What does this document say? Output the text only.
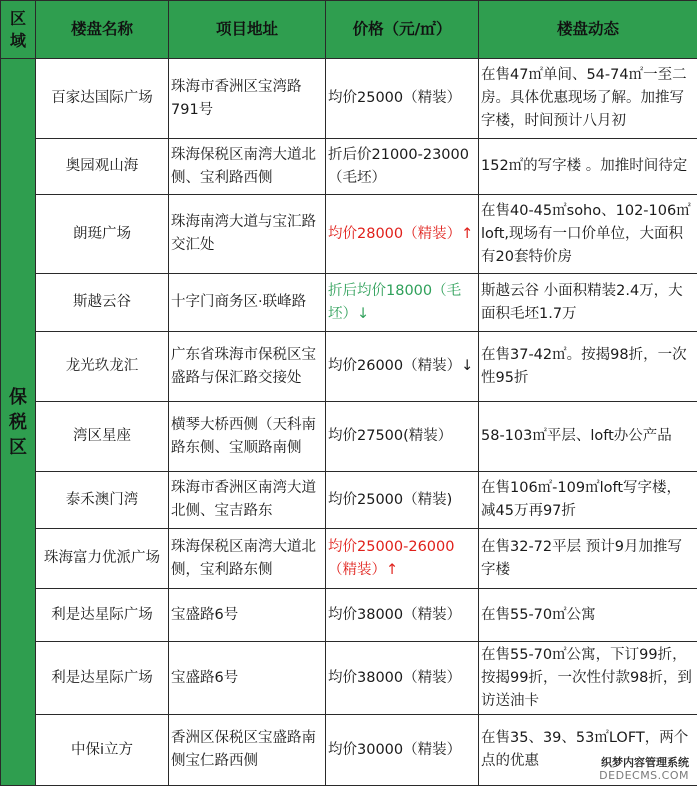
区域	楼盘名称	项目地址	价格（元/㎡）	楼盘动态
保税区	百家达国际广场	珠海市香洲区宝湾路791号	均价25000（精装）	在售47㎡单间、54-74㎡一至二房。具体优惠现场了解。加推写字楼，时间预计八月初
	奥园观山海	珠海保税区南湾大道北侧、宝利路西侧	折后价21000-23000（毛坯）	152㎡的写字楼 。加推时间待定
	朗珽广场	珠海南湾大道与宝汇路交汇处	均价28000（精装）↑	在售40-45㎡soho、102-106㎡loft,现场有一口价单位，大面积有20套特价房
	斯越云谷	十字门商务区·联峰路	折后均价18000（毛坯）↓	斯越云谷 小面积精装2.4万，大面积毛坯1.7万
	龙光玖龙汇	广东省珠海市保税区宝盛路与保汇路交接处	均价26000（精装）↓	在售37-42㎡。按揭98折，一次性95折
	湾区星座	横琴大桥西侧（天科南路东侧、宝顺路南侧	均价27500(精装）	58-103㎡平层、loft办公产品
	泰禾澳门湾	珠海市香洲区南湾大道北侧、宝吉路东	均价25000（精装)	在售106㎡-109㎡loft写字楼，减45万再97折
	珠海富力优派广场	珠海保税区南湾大道北侧，宝利路东侧	均价25000-26000（精装）↑	在售32-72平层 预计9月加推写字楼
	利是达星际广场	宝盛路6号	均价38000（精装）	在售55-70㎡公寓
	利是达星际广场	宝盛路6号	均价38000（精装）	在售55-70㎡公寓，下订99折，按揭99折，一次性付款98折，到访送油卡
	中保i立方	香洲区保税区宝盛路南侧宝仁路西侧	均价30000（精装）	在售35、39、53㎡LOFT，两个点的优惠	织梦内容管理系统
DEDECMS.COM
